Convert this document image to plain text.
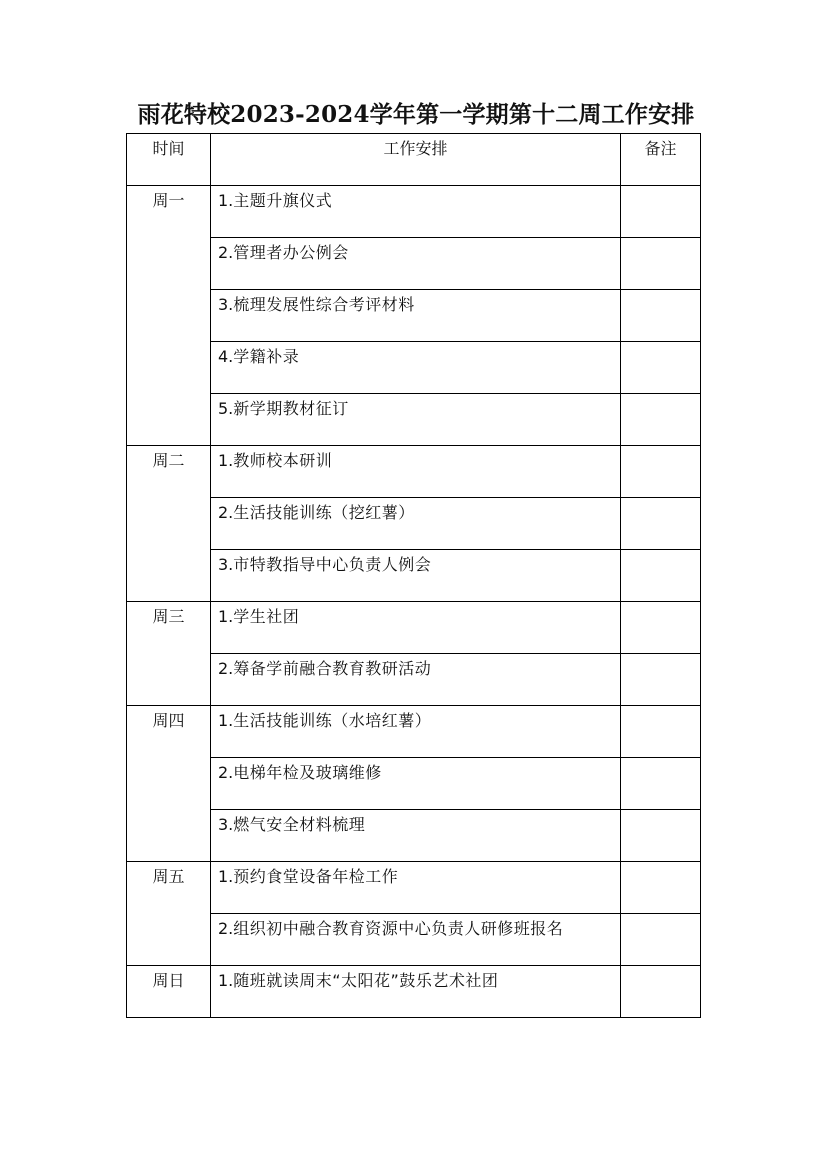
雨花特校2023-2024学年第一学期第十二周工作安排
时间	工作安排	备注

周一	1.主题升旗仪式	

	2.管理者办公例会	

	3.梳理发展性综合考评材料	

	4.学籍补录	

	5.新学期教材征订	

周二	1.教师校本研训	

	2.生活技能训练（挖红薯）	

	3.市特教指导中心负责人例会	

周三	1.学生社团	

	2.筹备学前融合教育教研活动	

周四	1.生活技能训练（水培红薯）	

	2.电梯年检及玻璃维修	

	3.燃气安全材料梳理	

周五	1.预约食堂设备年检工作	

	2.组织初中融合教育资源中心负责人研修班报名	

周日	1.随班就读周末“太阳花”鼓乐艺术社团	
